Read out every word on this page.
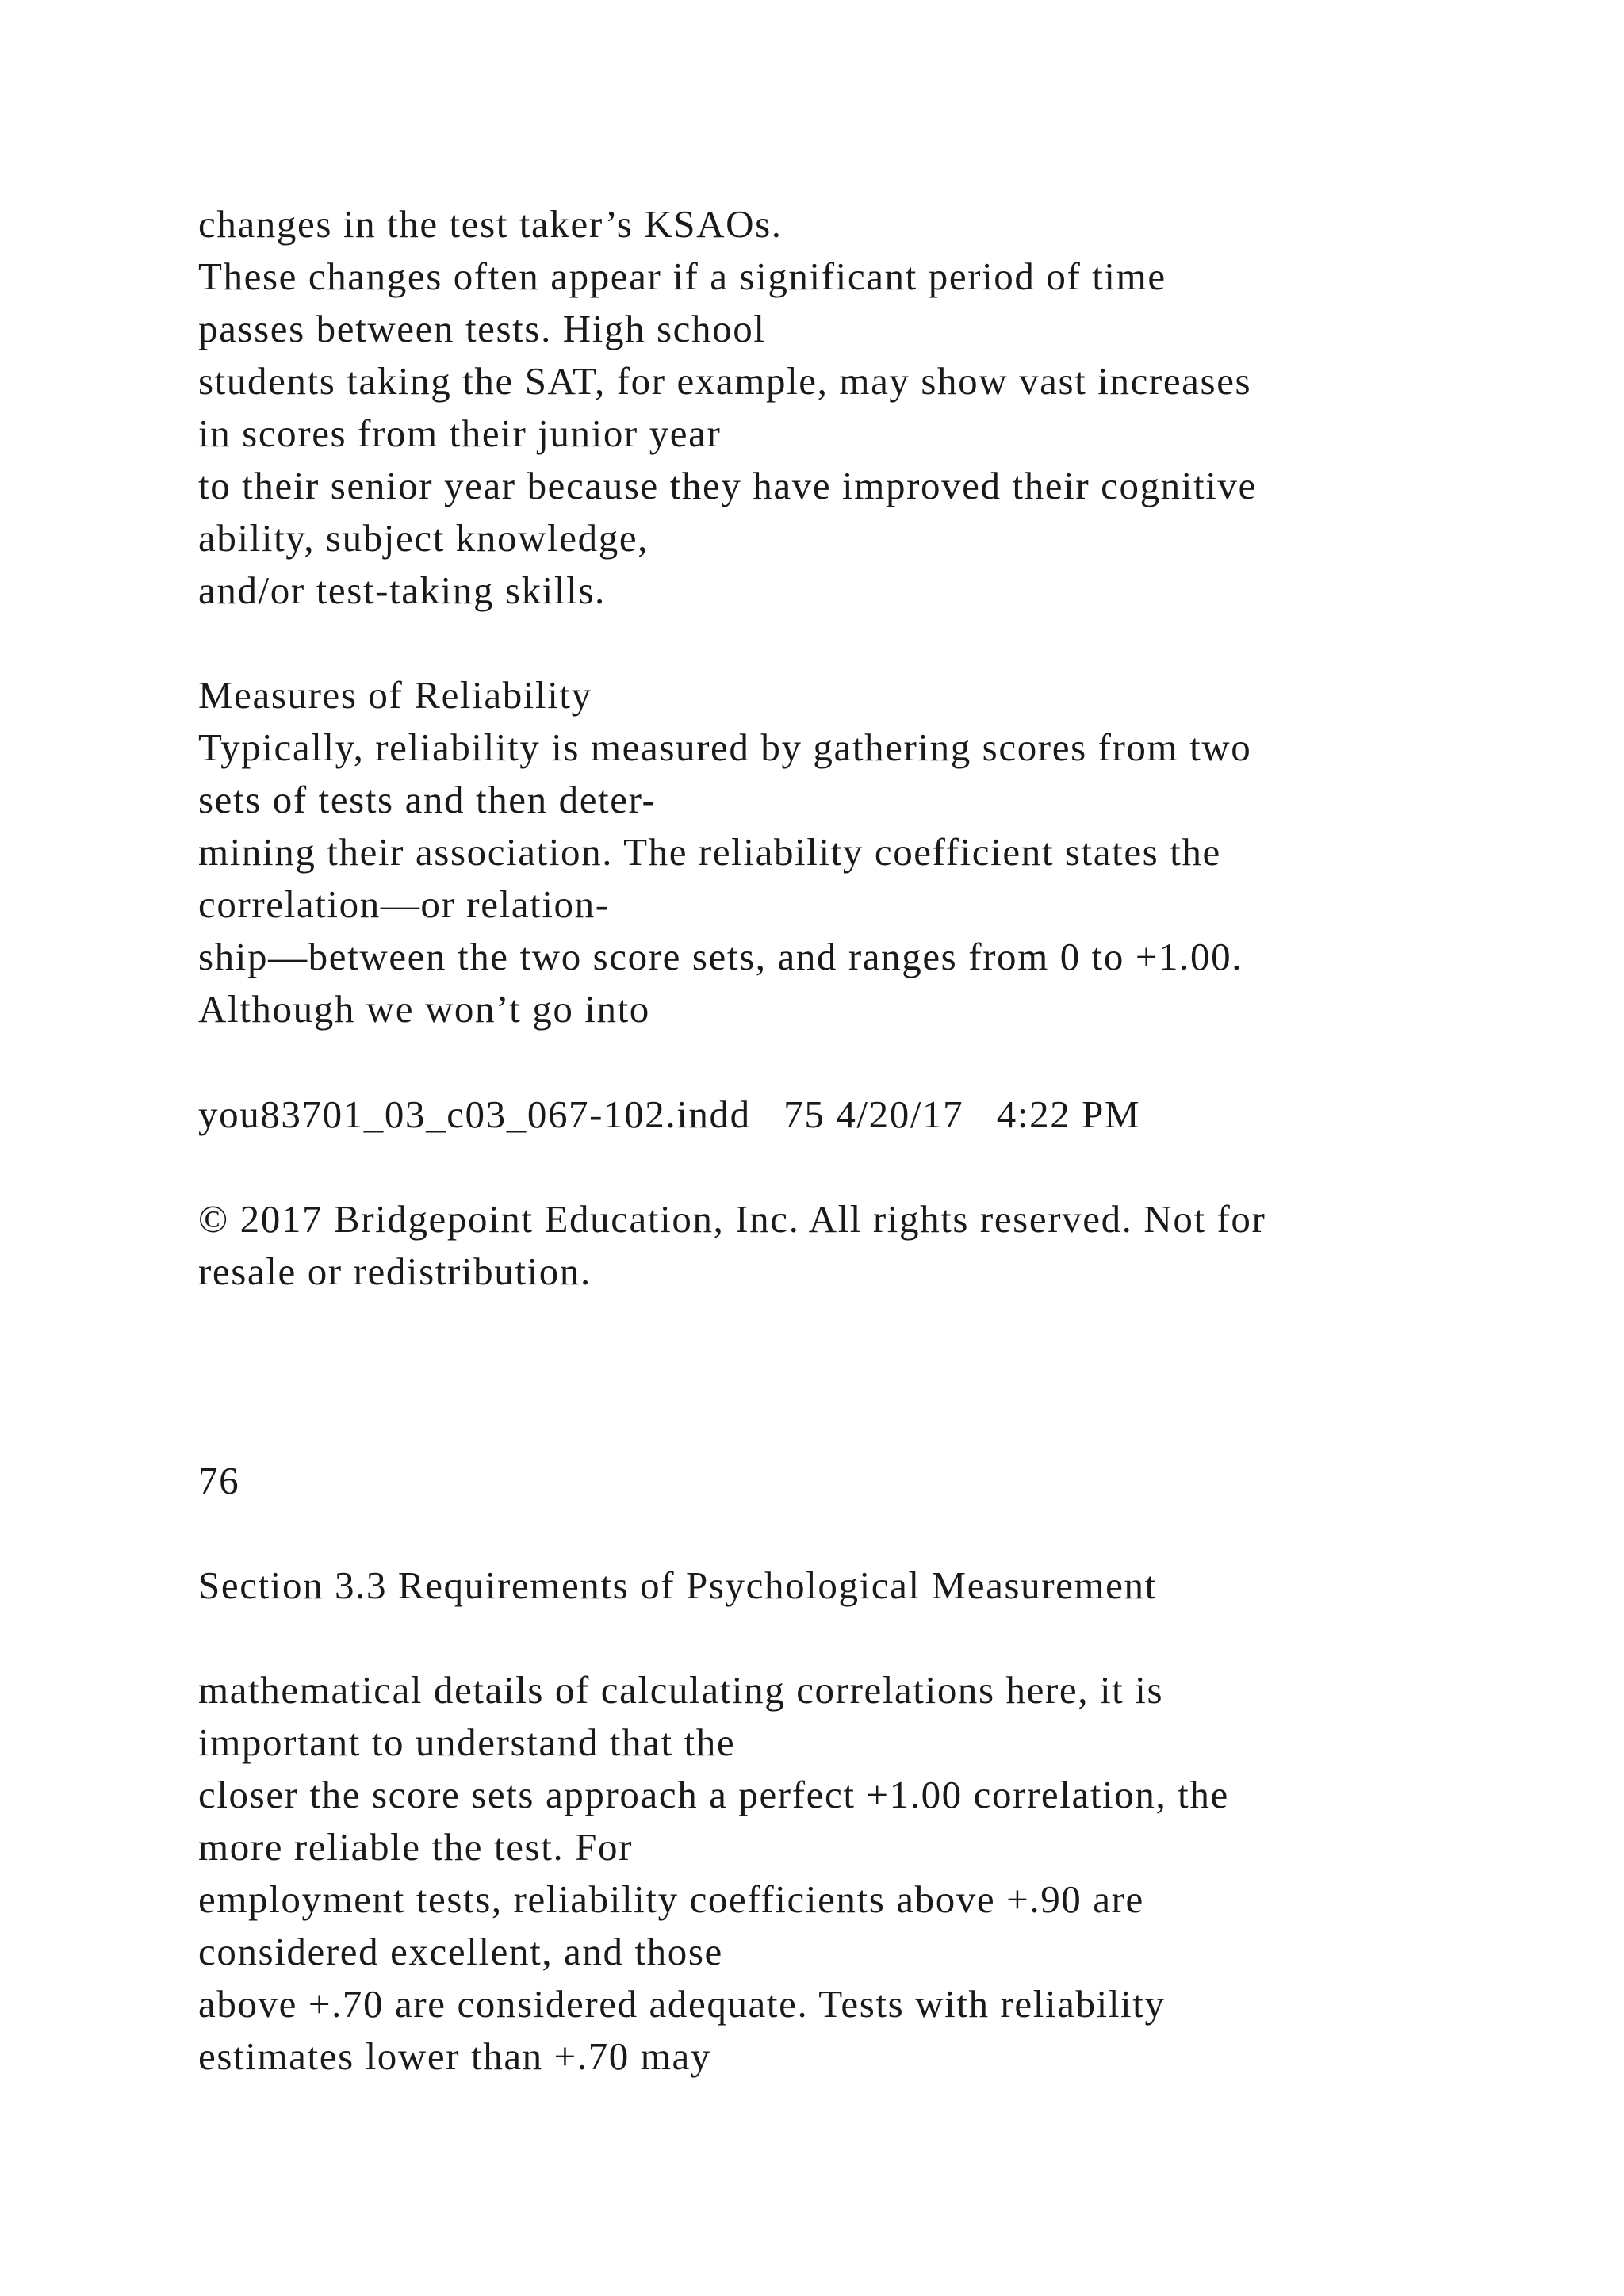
changes in the test taker’s KSAOs.
These changes often appear if a significant period of time
passes between tests. High school
students taking the SAT, for example, may show vast increases
in scores from their junior year
to their senior year because they have improved their cognitive
ability, subject knowledge,
and/or test-taking skills.
Measures of Reliability
Typically, reliability is measured by gathering scores from two
sets of tests and then deter-
mining their association. The reliability coefficient states the
correlation—or relation-
ship—between the two score sets, and ranges from 0 to +1.00.
Although we won’t go into
you83701_03_c03_067-102.indd   75 4/20/17   4:22 PM
© 2017 Bridgepoint Education, Inc. All rights reserved. Not for
resale or redistribution.
76
Section 3.3 Requirements of Psychological Measurement
mathematical details of calculating correlations here, it is
important to understand that the
closer the score sets approach a perfect +1.00 correlation, the
more reliable the test. For
employment tests, reliability coefficients above +.90 are
considered excellent, and those
above +.70 are considered adequate. Tests with reliability
estimates lower than +.70 may
